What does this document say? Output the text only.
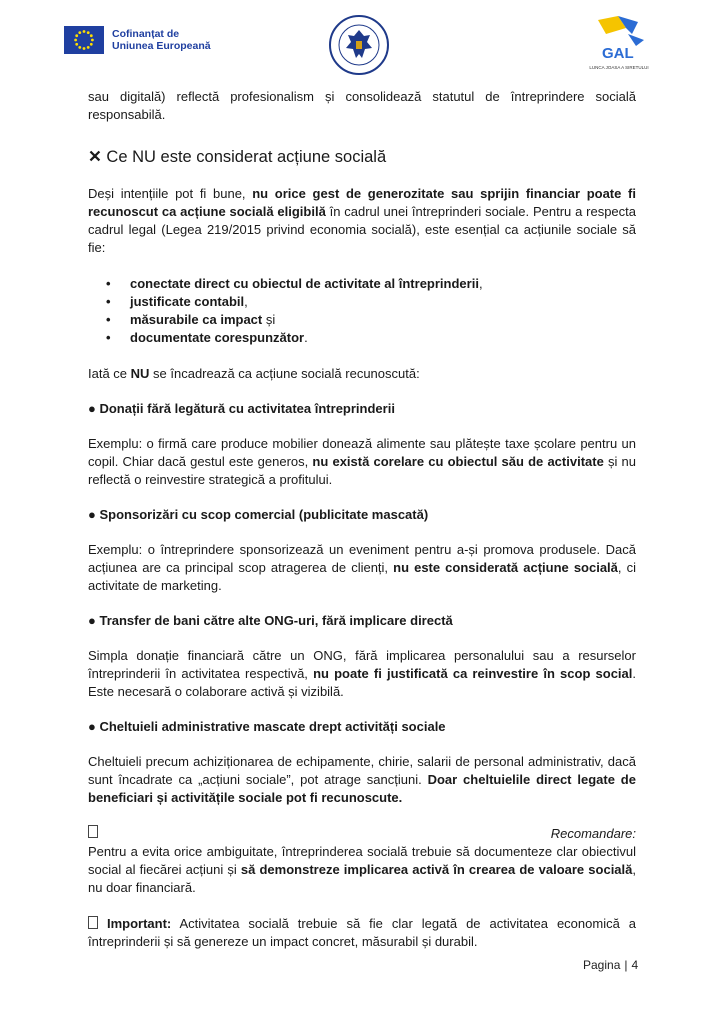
Cofinanțat de
Uniunea Europeană	GAL
LUNCA JOASA A SIRETULUI

sau digitală) reflectă profesionalism și consolidează statutul de întreprindere socială responsabilă.

✕ Ce NU este considerat acțiune socială

Deși intențiile pot fi bune, nu orice gest de generozitate sau sprijin financiar poate fi recunoscut ca acțiune socială eligibilă în cadrul unei întreprinderi sociale. Pentru a respecta cadrul legal (Legea 219/2015 privind economia socială), este esențial ca acțiunile sociale să fie:

• conectate direct cu obiectul de activitate al întreprinderii,
• justificate contabil,
• măsurabile ca impact și
• documentate corespunzător.

Iată ce NU se încadrează ca acțiune socială recunoscută:

● Donații fără legătură cu activitatea întreprinderii

Exemplu: o firmă care produce mobilier donează alimente sau plătește taxe școlare pentru un copil. Chiar dacă gestul este generos, nu există corelare cu obiectul său de activitate și nu reflectă o reinvestire strategică a profitului.

● Sponsorizări cu scop comercial (publicitate mascată)

Exemplu: o întreprindere sponsorizează un eveniment pentru a-și promova produsele. Dacă acțiunea are ca principal scop atragerea de clienți, nu este considerată acțiune socială, ci activitate de marketing.

● Transfer de bani către alte ONG-uri, fără implicare directă

Simpla donație financiară către un ONG, fără implicarea personalului sau a resurselor întreprinderii în activitatea respectivă, nu poate fi justificată ca reinvestire în scop social. Este necesară o colaborare activă și vizibilă.

● Cheltuieli administrative mascate drept activități sociale

Cheltuieli precum achiziționarea de echipamente, chirie, salarii de personal administrativ, dacă sunt încadrate ca „acțiuni sociale”, pot atrage sancțiuni. Doar cheltuielile direct legate de beneficiari și activitățile sociale pot fi recunoscute.

Recomandare:

Pentru a evita orice ambiguitate, întreprinderea socială trebuie să documenteze clar obiectivul social al fiecărei acțiuni și să demonstreze implicarea activă în crearea de valoare socială, nu doar financiară.

Important: Activitatea socială trebuie să fie clar legată de activitatea economică a întreprinderii și să genereze un impact concret, măsurabil și durabil.

Pagina | 4
